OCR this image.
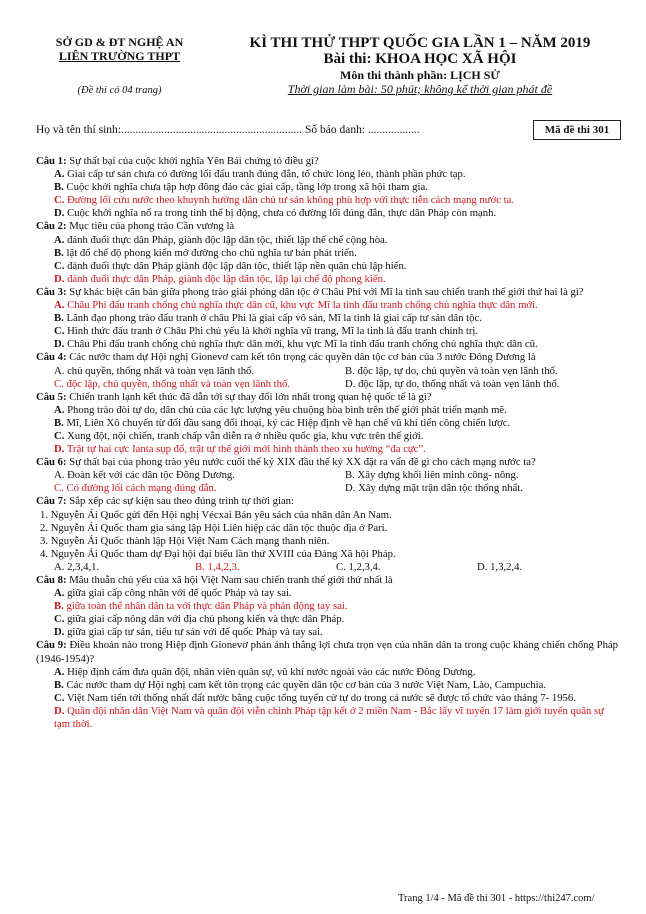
SỞ GD & ĐT NGHỆ AN
LIÊN TRƯỜNG THPT
(Đề thi có 04 trang)
KÌ THI THỬ THPT QUỐC GIA LẦN 1 – NĂM 2019
Bài thi: KHOA HỌC XÃ HỘI
Môn thi thành phần: LỊCH SỬ
Thời gian làm bài: 50 phút; không kể thời gian phát đề
Họ và tên thí sinh:............................................................... Số báo danh: ..................	Mã đề thi 301
Câu 1: Sự thất bại của cuộc khởi nghĩa Yên Bái chứng tỏ điều gì?
A. Giai cấp tư sản chưa có đường lối đấu tranh đúng đắn, tổ chức lỏng lẻo, thành phần phức tạp.
B. Cuộc khởi nghĩa chưa tập hợp đông đảo các giai cấp, tầng lớp trong xã hội tham gia.
C. Đường lối cứu nước theo khuynh hướng dân chủ tư sản không phù hợp với thực tiễn cách mạng nước ta.
D. Cuộc khởi nghĩa nổ ra trong tình thế bị động, chưa có đường lối đúng đắn, thực dân Pháp còn mạnh.
Câu 2: Mục tiêu của phong trào Cần vương là
A. đánh đuổi thực dân Pháp, giành độc lập dân tộc, thiết lập thể chế cộng hòa.
B. lật đổ chế độ phong kiến mở đường cho chủ nghĩa tư bản phát triển.
C. đánh đuổi thực dân Pháp giành độc lập dân tộc, thiết lập nền quân chủ lập hiến.
D. đánh đuổi thực dân Pháp, giành độc lập dân tộc, lập lại chế độ phong kiến.
Câu 3: Sự khác biệt căn bản giữa phong trào giải phóng dân tộc ở Châu Phi với Mĩ la tinh sau chiến tranh thế giới thứ hai là gì?
A. Châu Phi đấu tranh chống chủ nghĩa thực dân cũ, khu vực Mĩ la tinh đấu tranh chống chủ nghĩa thực dân mới.
B. Lãnh đạo phong trào đấu tranh ở châu Phi là giai cấp vô sản, Mĩ la tinh là giai cấp tư sản dân tộc.
C. Hình thức đấu tranh ở Châu Phi chủ yếu là khởi nghĩa vũ trang, Mĩ la tinh là đấu tranh chính trị.
D. Châu Phi đấu tranh chống chủ nghĩa thực dân mới, khu vực Mĩ la tinh đấu tranh chống chủ nghĩa thực dân cũ.
Câu 4: Các nước tham dự Hội nghị Gionevơ cam kết tôn trọng các quyền dân tộc cơ bản của 3 nước Đông Dương là
A. chủ quyền, thống nhất và toàn vẹn lãnh thổ.	B. độc lập, tự do, chủ quyền và toàn vẹn lãnh thổ.
C. độc lập, chủ quyền, thống nhất và toàn vẹn lãnh thổ.	D. độc lập, tự do, thống nhất và toàn vẹn lãnh thổ.
Câu 5: Chiến tranh lạnh kết thúc đã dẫn tới sự thay đổi lớn nhất trong quan hệ quốc tế là gì?
A. Phong trào đòi tự do, dân chủ của các lực lượng yêu chuộng hòa bình trên thế giới phát triển mạnh mẽ.
B. Mĩ, Liên Xô chuyển từ đối đầu sang đối thoại, ký các Hiệp định về hạn chế vũ khí tiến công chiến lược.
C. Xung đột, nội chiến, tranh chấp vẫn diễn ra ở nhiều quốc gia, khu vực trên thế giới.
D. Trật tự hai cực Ianta sụp đổ, trật tự thế giới mới hình thành theo xu hướng “đa cực”.
Câu 6: Sự thất bại của phong trào yêu nước cuối thế kỷ XIX đầu thế kỷ XX đặt ra vấn đề gì cho cách mạng nước ta?
A. Đoàn kết với các dân tộc Đông Dương.	B. Xây dựng khối liên minh công- nông.
C. Có đường lối cách mạng đúng đắn.	D. Xây dựng mặt trận dân tộc thống nhất.
Câu 7: Sắp xếp các sự kiện sau theo đúng trình tự thời gian:
1. Nguyễn Ái Quốc gửi đến Hội nghị Vécxai Bản yêu sách của nhân dân An Nam.
2. Nguyễn Ái Quốc tham gia sáng lập Hội Liên hiệp các dân tộc thuộc địa ở Pari.
3. Nguyễn Ái Quốc thành lập Hội Việt Nam Cách mạng thanh niên.
4. Nguyễn Ái Quốc tham dự Đại hội đại biểu lần thứ XVIII của Đảng Xã hội Pháp.
A. 2,3,4,1.	B. 1,4,2,3.	C. 1,2,3,4.	D. 1,3,2,4.
Câu 8: Mâu thuẫn chủ yếu của xã hội Việt Nam sau chiến tranh thế giới thứ nhất là
A. giữa giai cấp công nhân với đế quốc Pháp và tay sai.
B. giữa toàn thể nhân dân ta với thực dân Pháp và phản động tay sai.
C. giữa giai cấp nông dân với địa chủ phong kiến và thực dân Pháp.
D. giữa giai cấp tư sản, tiểu tư sản với đế quốc Pháp và tay sai.
Câu 9: Điều khoản nào trong Hiệp định Gionevơ phản ánh thắng lợi chưa trọn vẹn của nhân dân ta trong cuộc kháng chiến chống Pháp (1946-1954)?
A. Hiệp định cấm đưa quân đội, nhân viên quân sự, vũ khí nước ngoài vào các nước Đông Dương.
B. Các nước tham dự Hội nghị cam kết tôn trọng các quyền dân tộc cơ bản của 3 nước Việt Nam, Lào, Campuchia.
C. Việt Nam tiến tới thống nhất đất nước bằng cuộc tổng tuyển cử tự do trong cả nước sẽ được tổ chức vào tháng 7- 1956.
D. Quân đội nhân dân Việt Nam và quân đội viễn chinh Pháp tập kết ở 2 miền Nam - Bắc lấy vĩ tuyến 17 làm giới tuyến quân sự tạm thời.
Trang 1/4 - Mã đề thi 301 - https://thi247.com/
